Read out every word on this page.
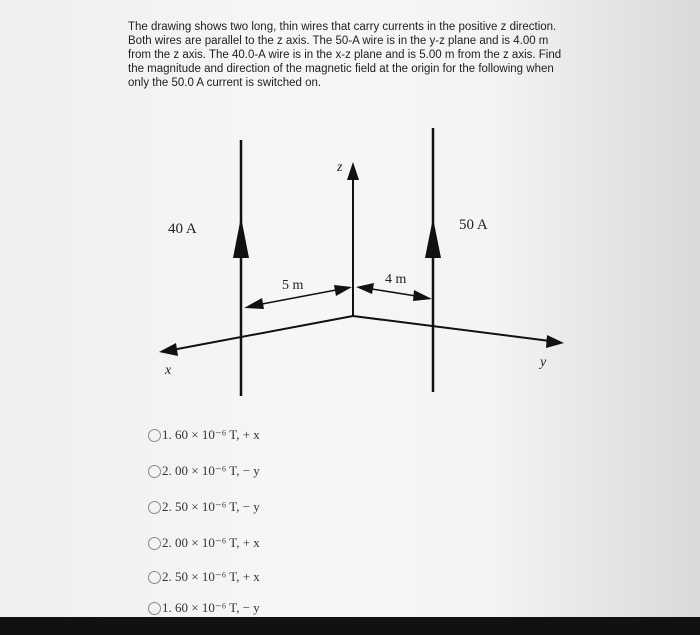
The drawing shows two long, thin wires that carry currents in the positive z direction.
Both wires are parallel to the z axis. The 50-A wire is in the y-z plane and is 4.00 m
from the z axis. The 40.0-A wire is in the x-z plane and is 5.00 m from the z axis. Find
the magnitude and direction of the magnetic field at the origin for the following when
only the 50.0 A current is switched on.
z
x
y
40 A	50 A
5 m	4 m
1. 60 × 10⁻⁶ T, + x
2. 00 × 10⁻⁶ T, − y
2. 50 × 10⁻⁶ T, − y
2. 00 × 10⁻⁶ T, + x
2. 50 × 10⁻⁶ T, + x
1. 60 × 10⁻⁶ T, − y
